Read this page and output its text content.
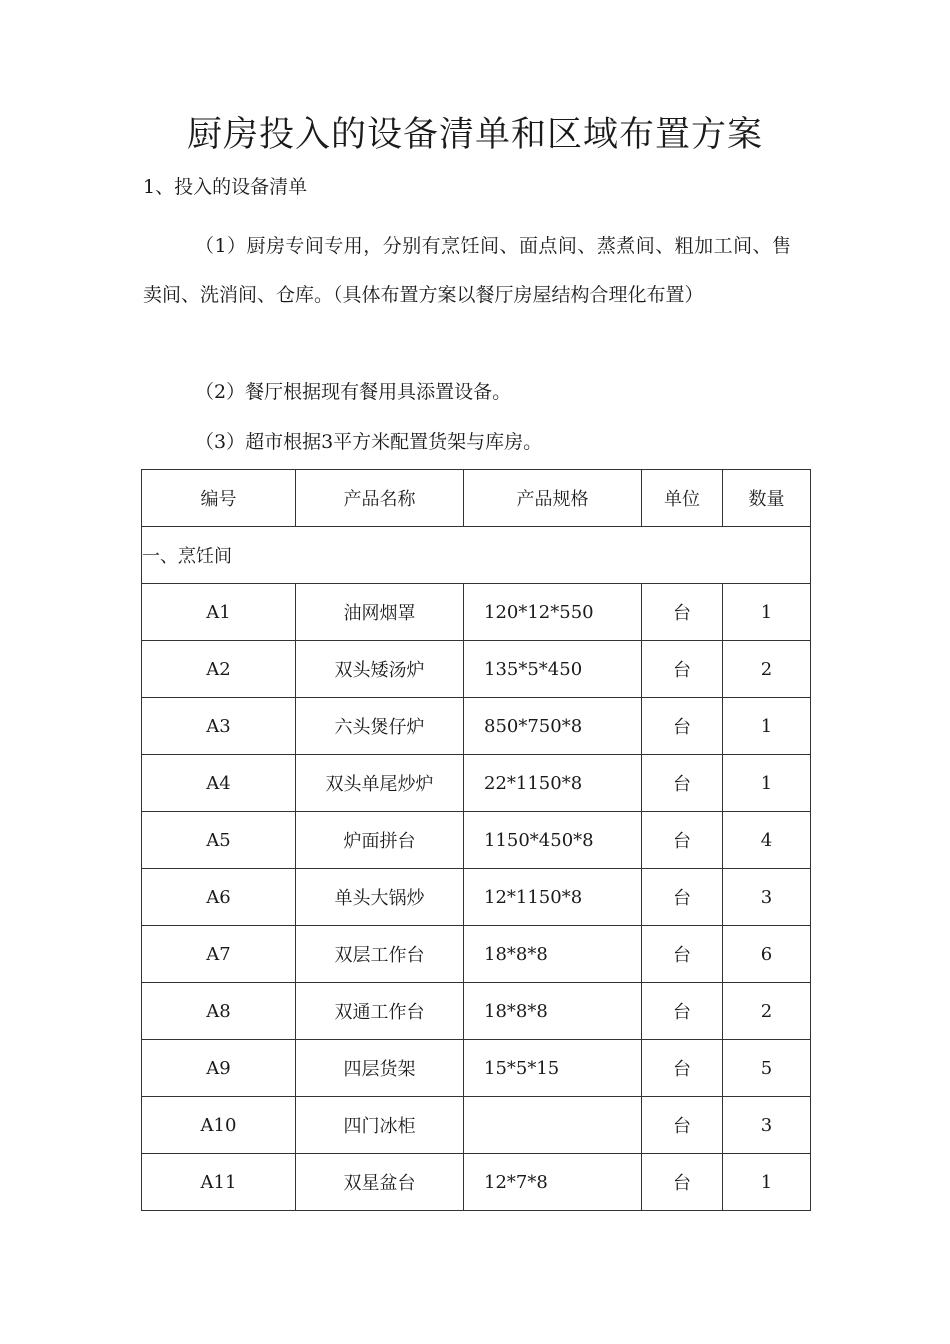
厨房投入的设备清单和区域布置方案

1、投入的设备清单

（1）厨房专间专用，分别有烹饪间、面点间、蒸煮间、粗加工间、售卖间、洗消间、仓库。（具体布置方案以餐厅房屋结构合理化布置）

（2）餐厅根据现有餐用具添置设备。

（3）超市根据3平方米配置货架与库房。

编号	产品名称	产品规格	单位	数量
一、烹饪间				
A1	油网烟罩	120*12*550	台	1
A2	双头矮汤炉	135*5*450	台	2
A3	六头煲仔炉	850*750*8	台	1
A4	双头单尾炒炉	22*1150*8	台	1
A5	炉面拼台	1150*450*8	台	4
A6	单头大锅炒	12*1150*8	台	3
A7	双层工作台	18*8*8	台	6
A8	双通工作台	18*8*8	台	2
A9	四层货架	15*5*15	台	5
A10	四门冰柜		台	3
A11	双星盆台	12*7*8	台	1
